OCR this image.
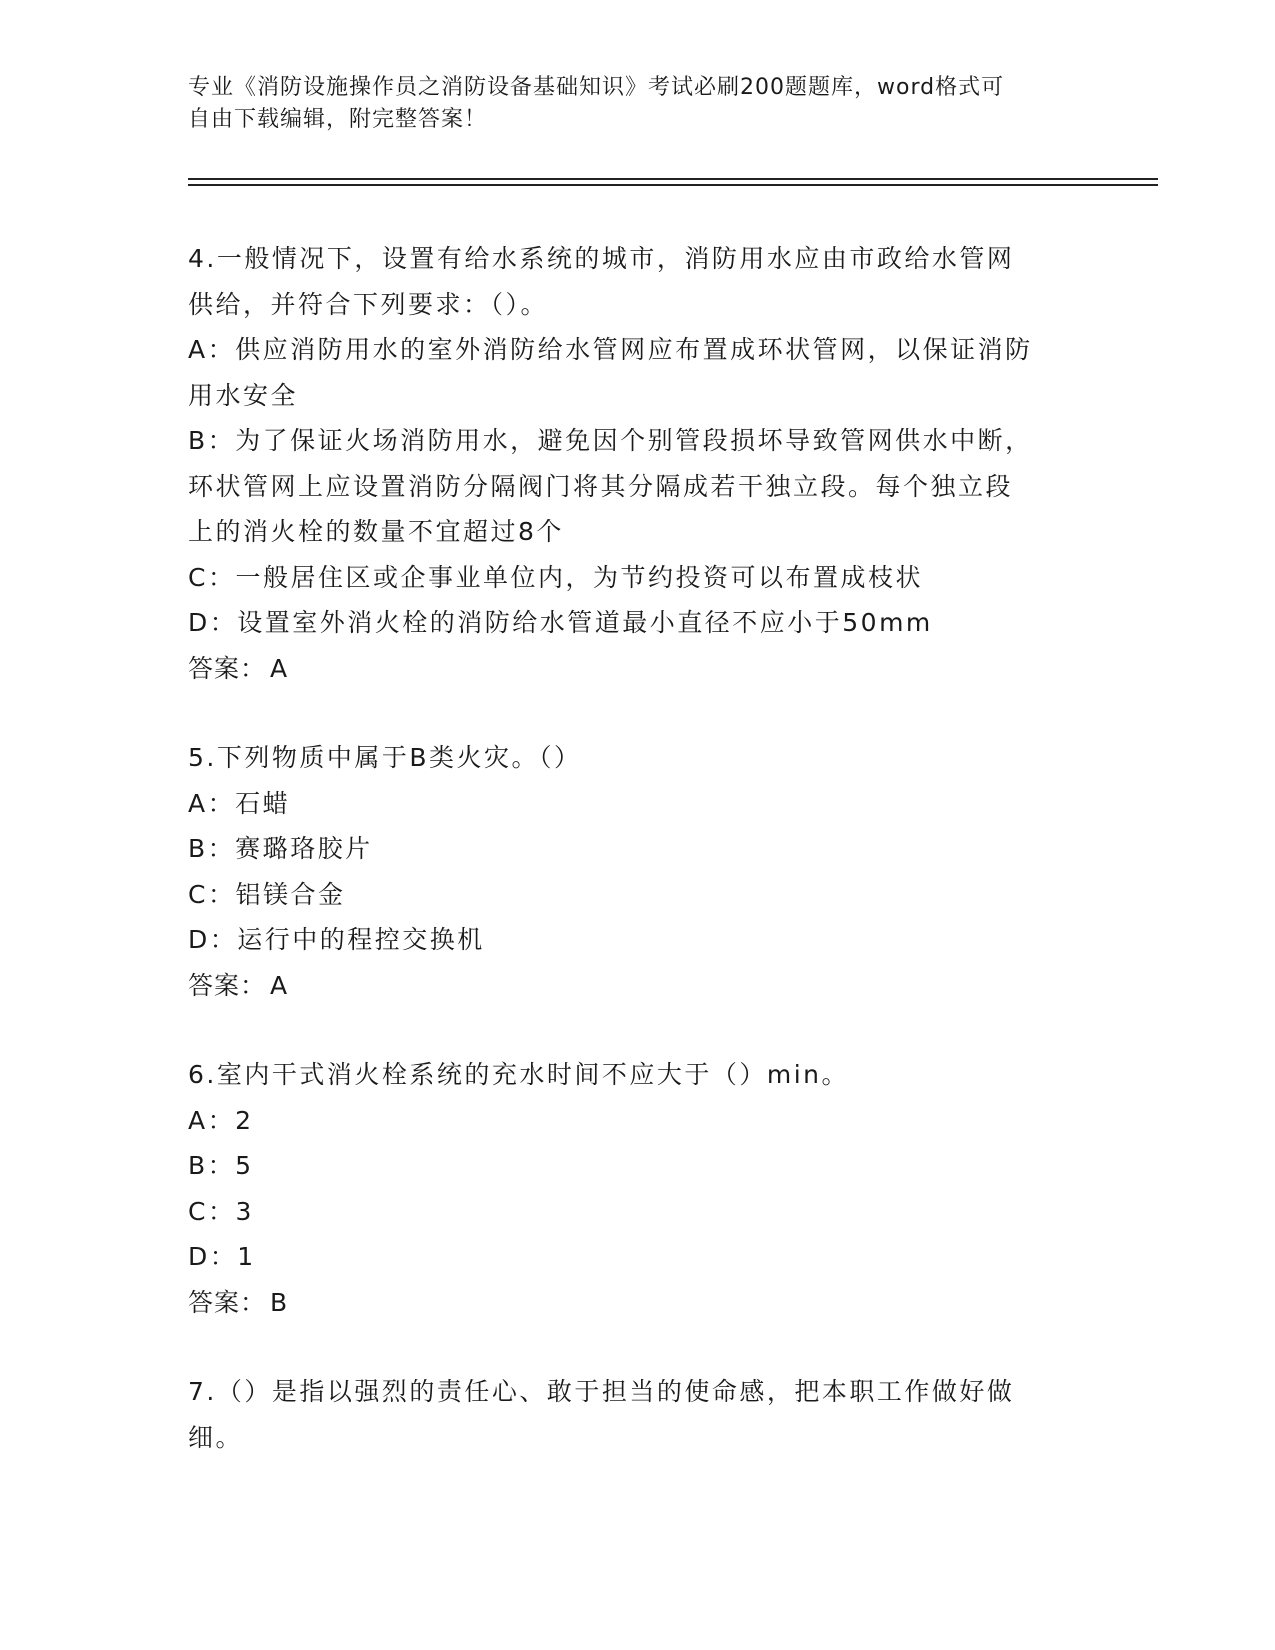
专业《消防设施操作员之消防设备基础知识》考试必刷200题题库，word格式可
自由下载编辑，附完整答案！
4.一般情况下，设置有给水系统的城市，消防用水应由市政给水管网
供给，并符合下列要求：（）。
A：供应消防用水的室外消防给水管网应布置成环状管网，以保证消防
用水安全
B：为了保证火场消防用水，避免因个别管段损坏导致管网供水中断，
环状管网上应设置消防分隔阀门将其分隔成若干独立段。每个独立段
上的消火栓的数量不宜超过8个
C：一般居住区或企事业单位内，为节约投资可以布置成枝状
D：设置室外消火栓的消防给水管道最小直径不应小于50mm
答案： A
5.下列物质中属于B类火灾。（）
A：石蜡
B：赛璐珞胶片
C：铝镁合金
D：运行中的程控交换机
答案： A
6.室内干式消火栓系统的充水时间不应大于（）min。
A：2
B：5
C：3
D：1
答案： B
7.（）是指以强烈的责任心、敢于担当的使命感，把本职工作做好做
细。
